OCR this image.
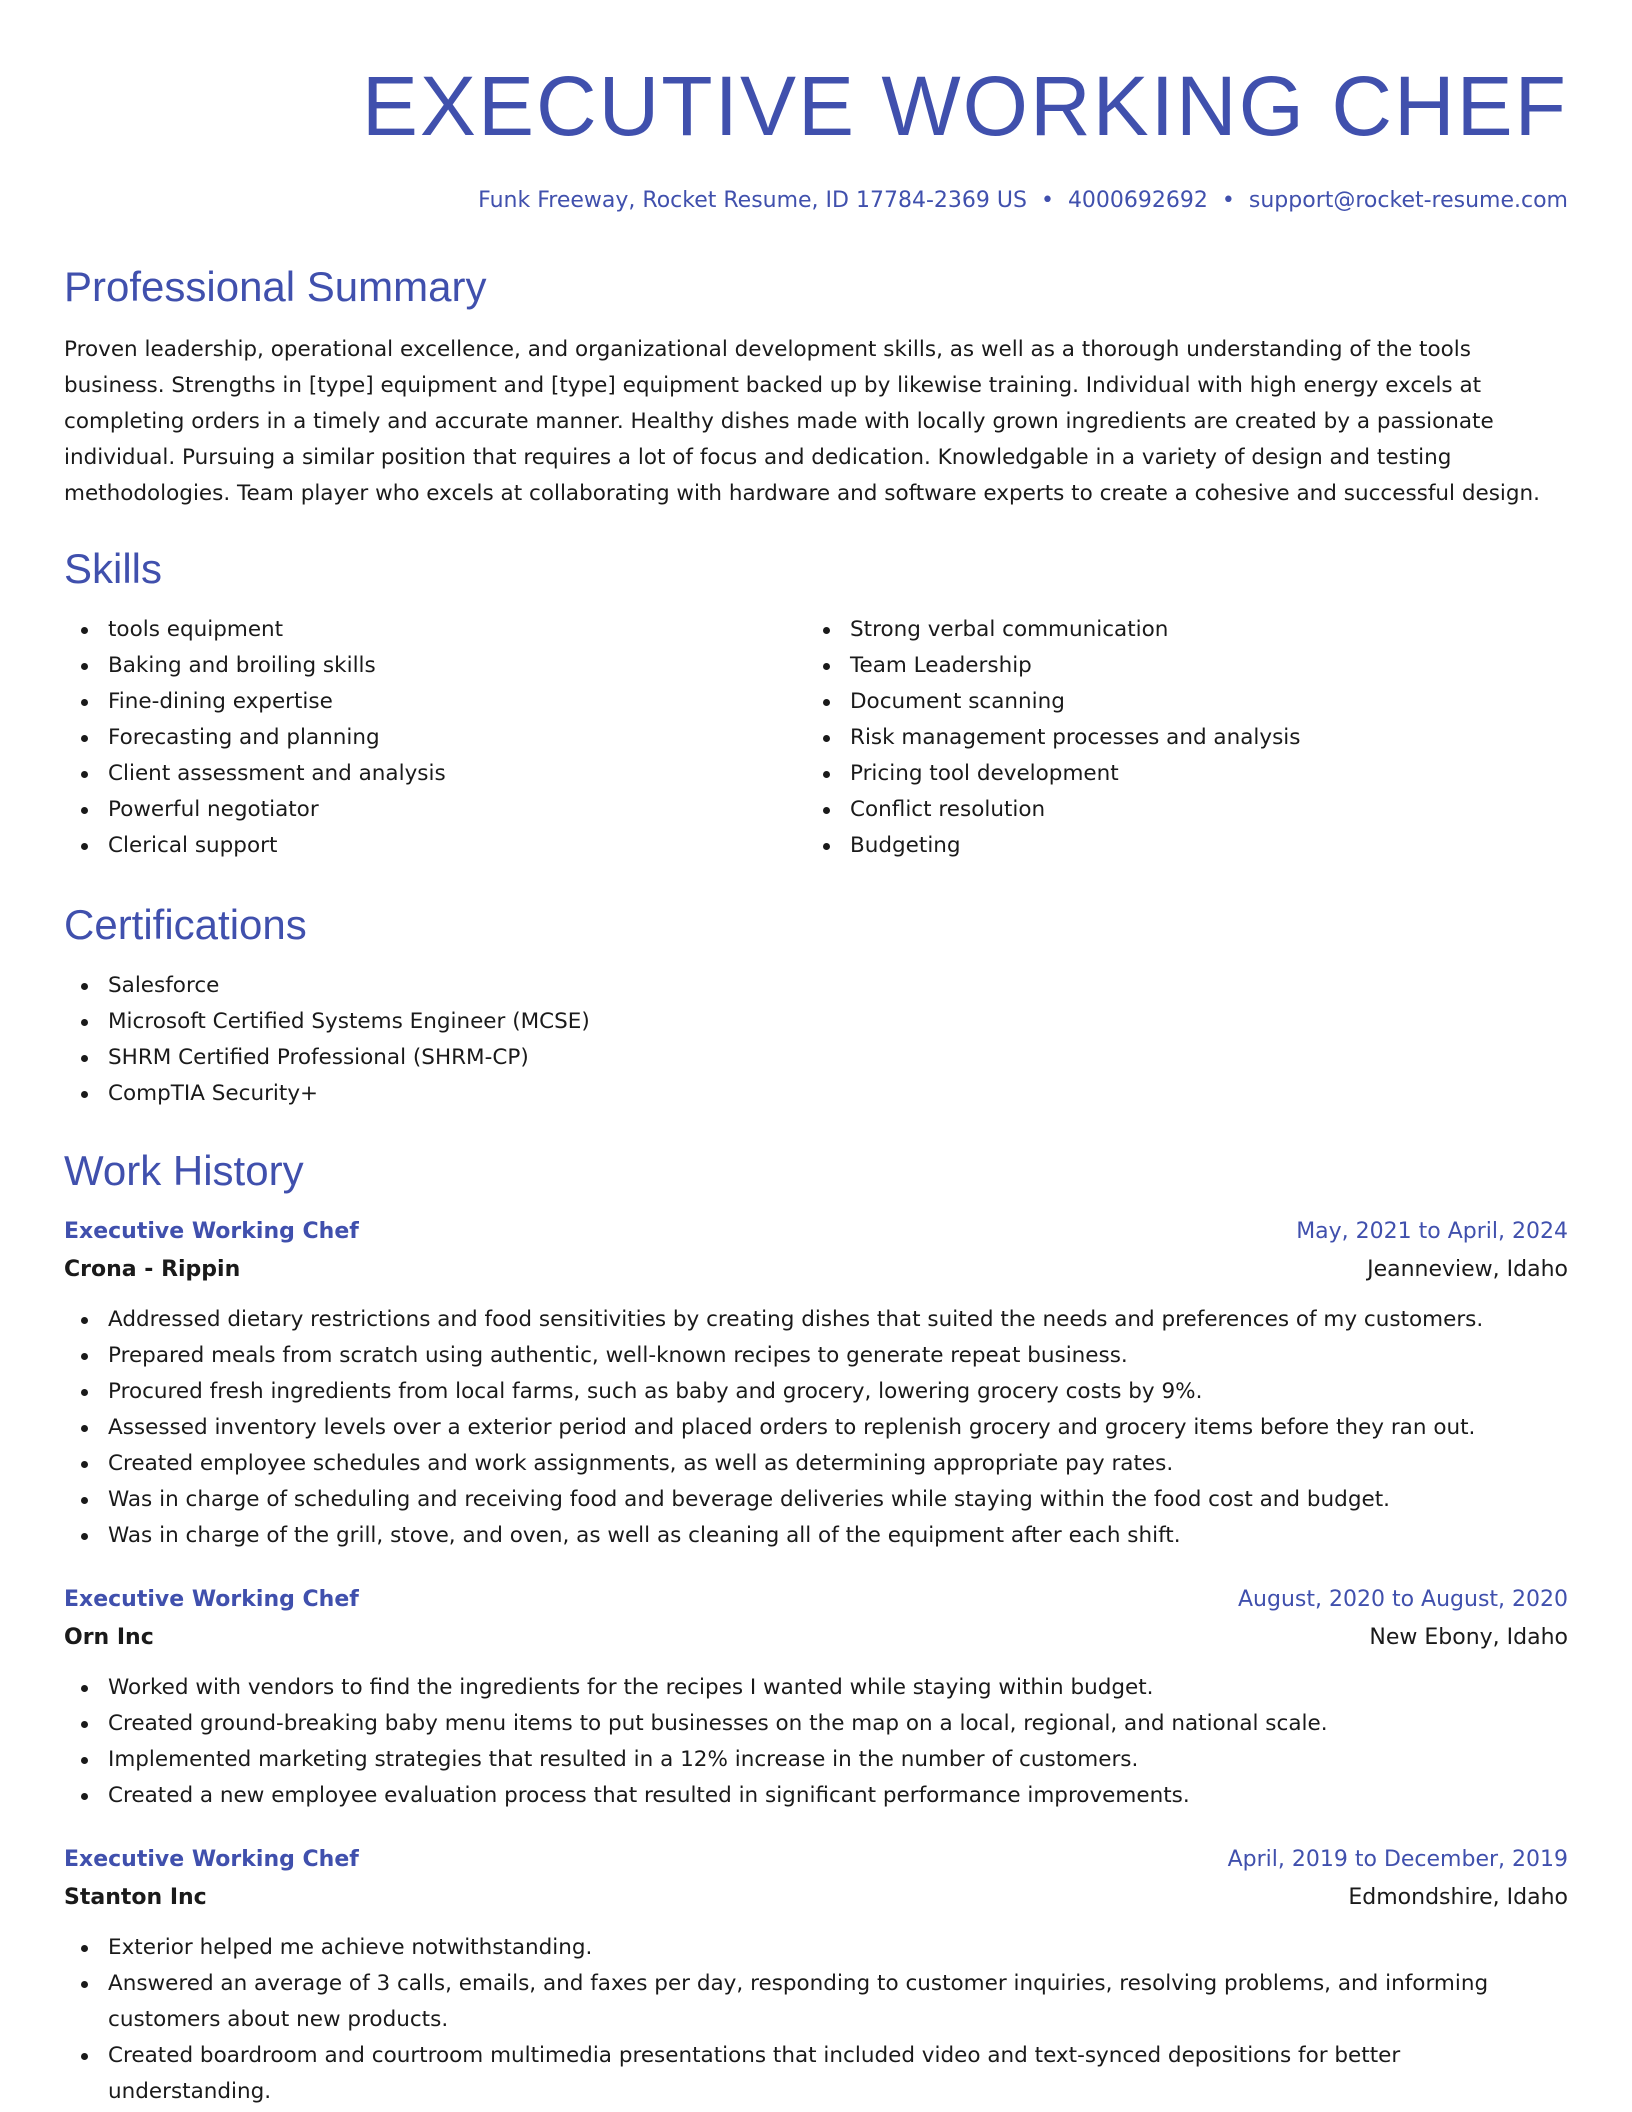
EXECUTIVE WORKING CHEF
Funk Freeway, Rocket Resume, ID 17784-2369 US • 4000692692 • support@rocket-resume.com
Professional Summary

Proven leadership, operational excellence, and organizational development skills, as well as a thorough understanding of the tools business. Strengths in [type] equipment and [type] equipment backed up by likewise training. Individual with high energy excels at completing orders in a timely and accurate manner. Healthy dishes made with locally grown ingredients are created by a passionate individual. Pursuing a similar position that requires a lot of focus and dedication. Knowledgable in a variety of design and testing methodologies. Team player who excels at collaborating with hardware and software experts to create a cohesive and successful design.

Skills
tools equipment
Baking and broiling skills
Fine-dining expertise
Forecasting and planning
Client assessment and analysis
Powerful negotiator
Clerical support
Strong verbal communication
Team Leadership
Document scanning
Risk management processes and analysis
Pricing tool development
Conflict resolution
Budgeting
Certifications
Salesforce
Microsoft Certified Systems Engineer (MCSE)
SHRM Certified Professional (SHRM-CP)
CompTIA Security+
Work History
Executive Working Chef	May, 2021 to April, 2024
Crona - Rippin	Jeanneview, Idaho
Addressed dietary restrictions and food sensitivities by creating dishes that suited the needs and preferences of my customers.
Prepared meals from scratch using authentic, well-known recipes to generate repeat business.
Procured fresh ingredients from local farms, such as baby and grocery, lowering grocery costs by 9%.
Assessed inventory levels over a exterior period and placed orders to replenish grocery and grocery items before they ran out.
Created employee schedules and work assignments, as well as determining appropriate pay rates.
Was in charge of scheduling and receiving food and beverage deliveries while staying within the food cost and budget.
Was in charge of the grill, stove, and oven, as well as cleaning all of the equipment after each shift.
Executive Working Chef	August, 2020 to August, 2020
Orn Inc	New Ebony, Idaho
Worked with vendors to find the ingredients for the recipes I wanted while staying within budget.
Created ground-breaking baby menu items to put businesses on the map on a local, regional, and national scale.
Implemented marketing strategies that resulted in a 12% increase in the number of customers.
Created a new employee evaluation process that resulted in significant performance improvements.
Executive Working Chef	April, 2019 to December, 2019
Stanton Inc	Edmondshire, Idaho
Exterior helped me achieve notwithstanding.
Answered an average of 3 calls, emails, and faxes per day, responding to customer inquiries, resolving problems, and informing customers about new products.
Created boardroom and courtroom multimedia presentations that included video and text-synced depositions for better understanding.
